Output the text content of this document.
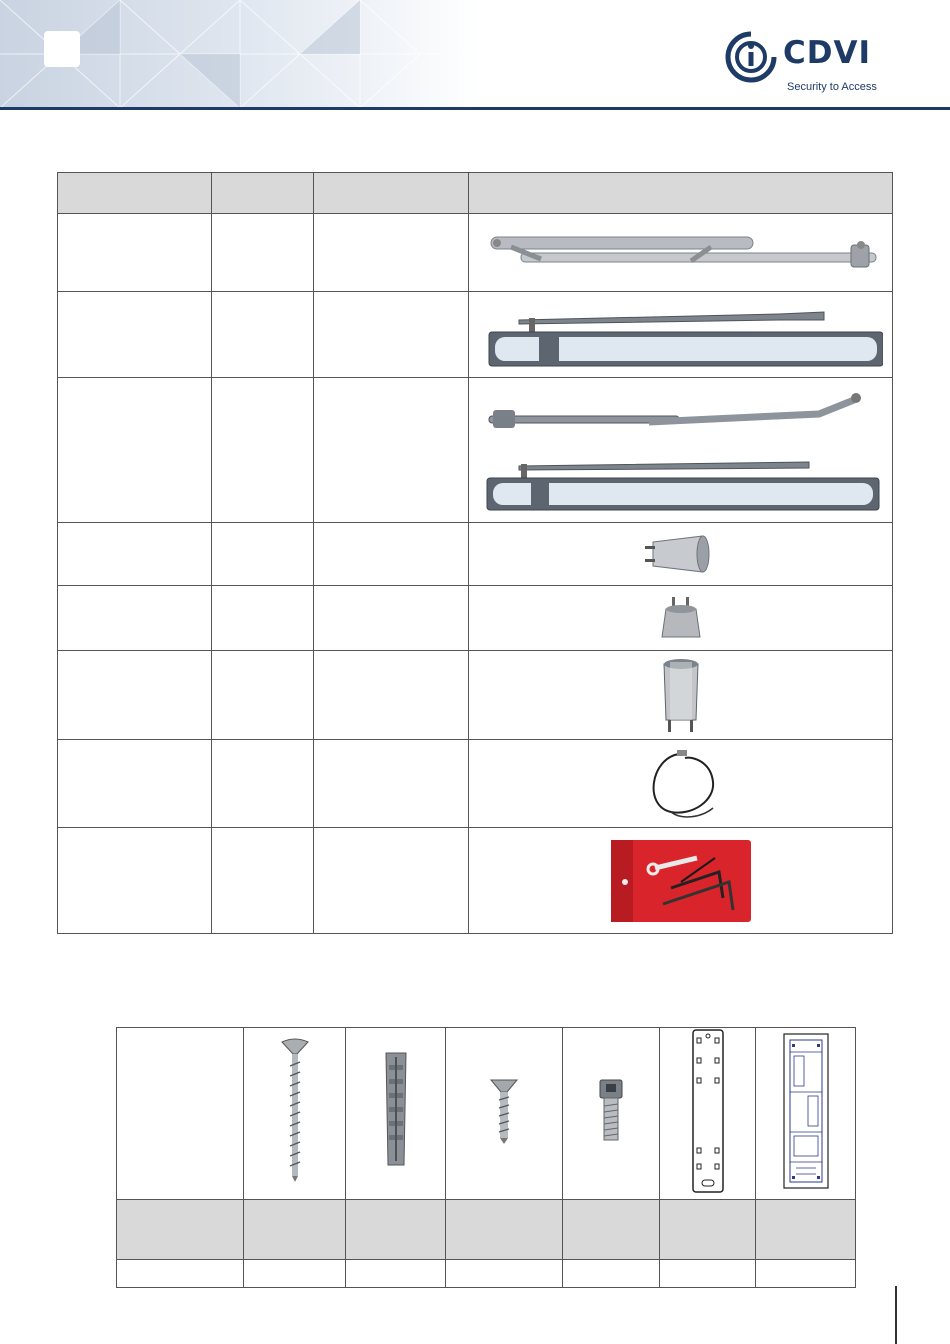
CDVI
Security to Access
